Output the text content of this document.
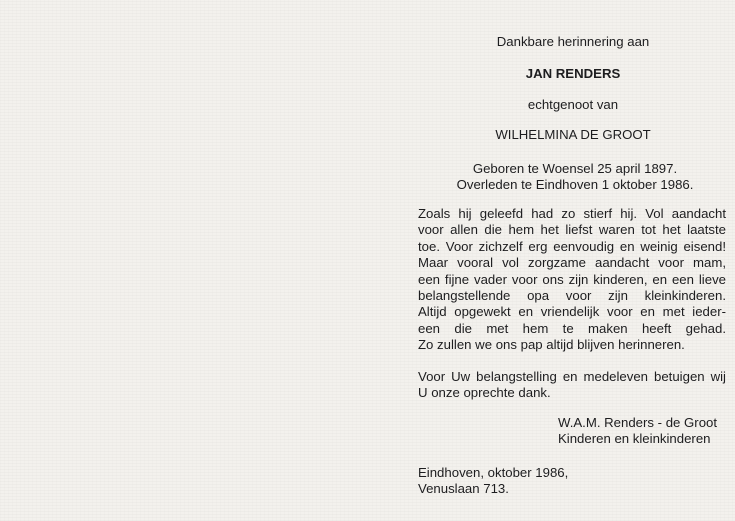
Dankbare herinnering aan
JAN RENDERS
echtgenoot van
WILHELMINA DE GROOT
Geboren te Woensel 25 april 1897.
Overleden te Eindhoven 1 oktober 1986.
Zoals hij geleefd had zo stierf hij. Vol aandacht
voor allen die hem het liefst waren tot het laatste
toe. Voor zichzelf erg eenvoudig en weinig eisend!
Maar vooral vol zorgzame aandacht voor mam,
een fijne vader voor ons zijn kinderen, en een lieve
belangstellende opa voor zijn kleinkinderen.
Altijd opgewekt en vriendelijk voor en met ieder-
een die met hem te maken heeft gehad.
Zo zullen we ons pap altijd blijven herinneren.
Voor Uw belangstelling en medeleven betuigen wij
U onze oprechte dank.
W.A.M. Renders - de Groot
Kinderen en kleinkinderen
Eindhoven, oktober 1986,
Venuslaan 713.
